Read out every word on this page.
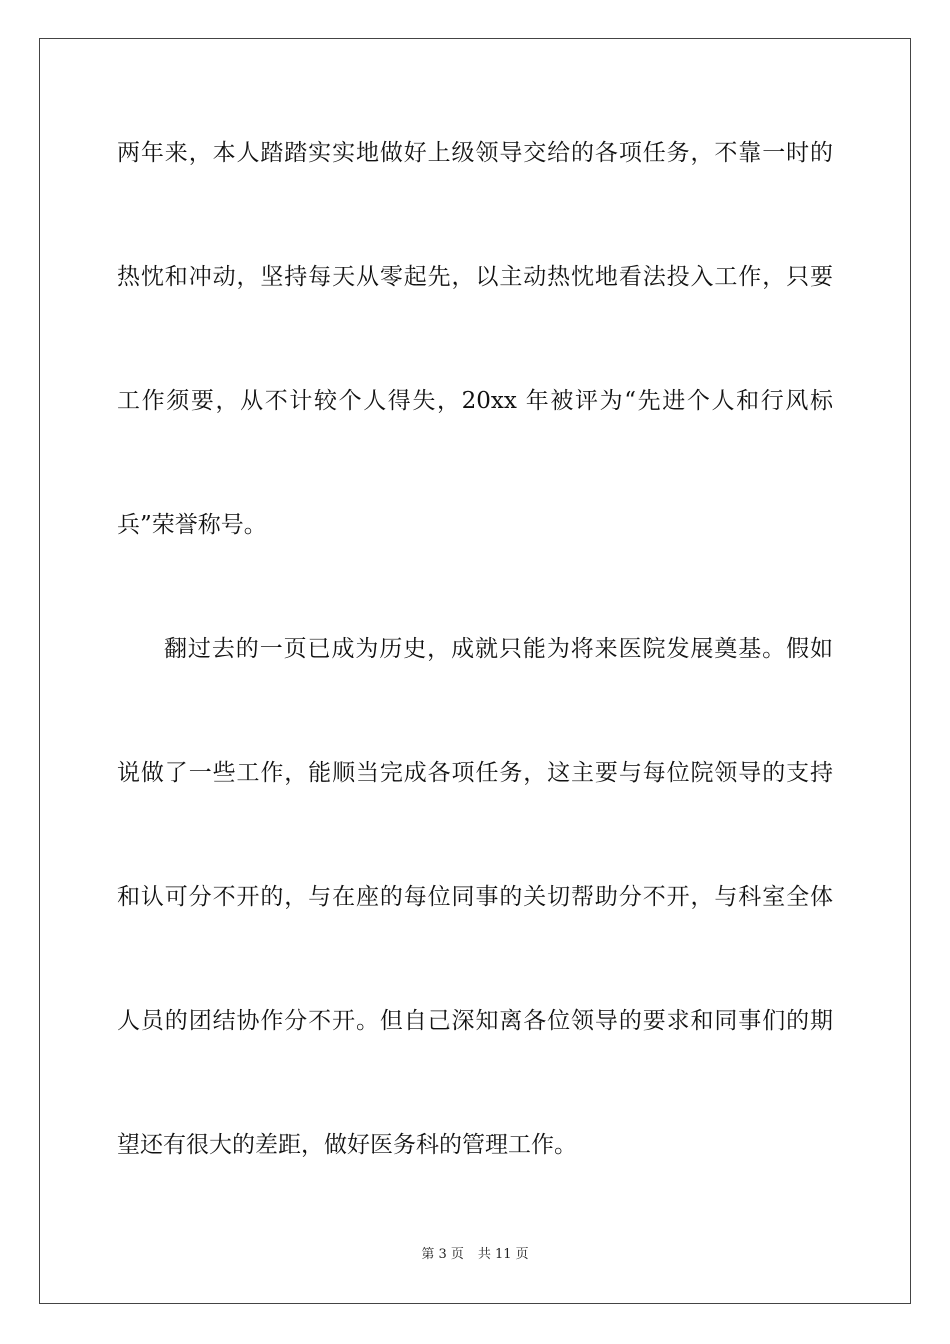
两年来，本人踏踏实实地做好上级领导交给的各项任务，不靠一时的
热忱和冲动，坚持每天从零起先，以主动热忱地看法投入工作，只要
工作须要，从不计较个人得失，20xx 年被评为“先进个人和行风标
兵”荣誉称号。
翻过去的一页已成为历史，成就只能为将来医院发展奠基。假如
说做了一些工作，能顺当完成各项任务，这主要与每位院领导的支持
和认可分不开的，与在座的每位同事的关切帮助分不开，与科室全体
人员的团结协作分不开。但自己深知离各位领导的要求和同事们的期
望还有很大的差距，做好医务科的管理工作。
第 3 页 共 11 页
